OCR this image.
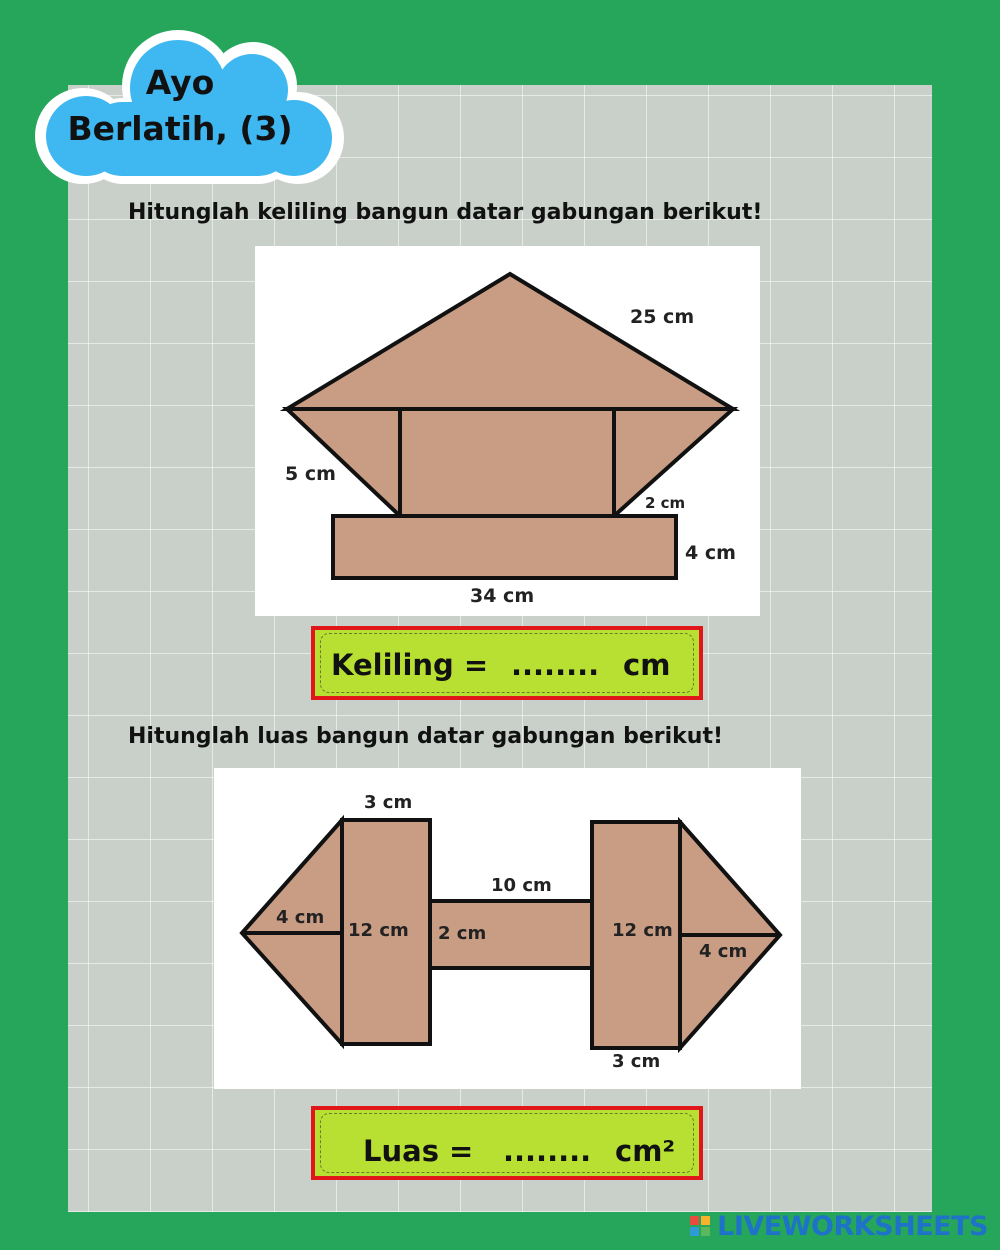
Ayo
Berlatih, (3)
Hitunglah keliling bangun datar gabungan berikut!
25 cm
5 cm
2 cm
4 cm
34 cm
Keliling = ........ cm
Hitunglah luas bangun datar gabungan berikut!
3 cm
4 cm
12 cm 2 cm
10 cm
12 cm
4 cm
3 cm
Luas = ........ cm²
LIVEWORKSHEETS
